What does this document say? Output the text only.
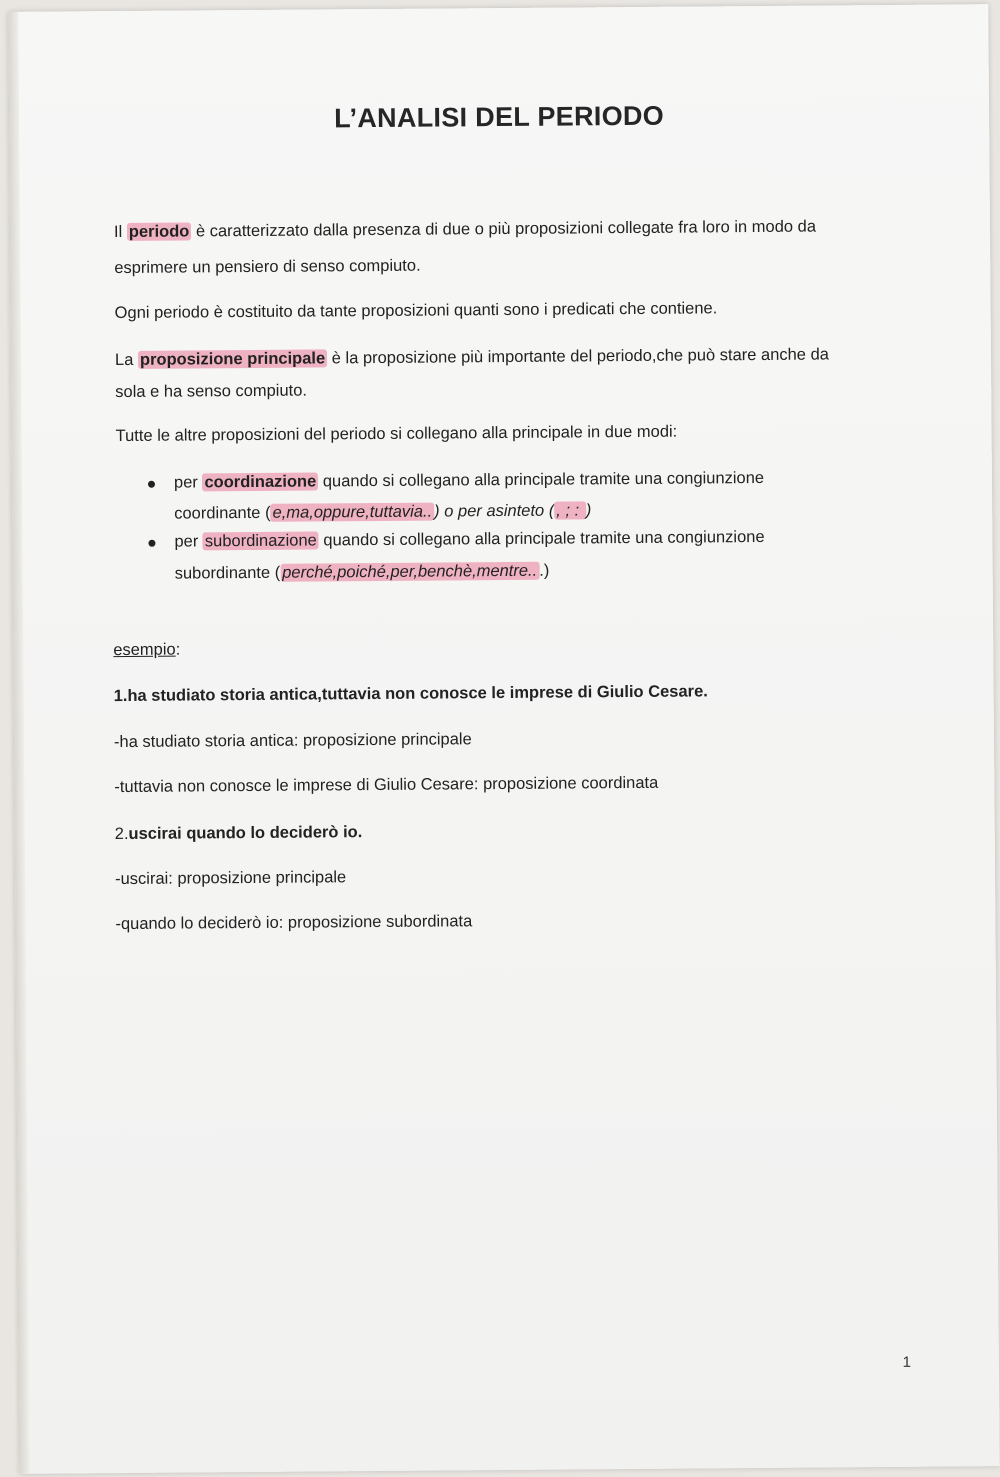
L’ANALISI DEL PERIODO
Il periodo è caratterizzato dalla presenza di due o più proposizioni collegate fra loro in modo da
esprimere un pensiero di senso compiuto.
Ogni periodo è costituito da tante proposizioni quanti sono i predicati che contiene.
La proposizione principale è la proposizione più importante del periodo,che può stare anche da
sola e ha senso compiuto.
Tutte le altre proposizioni del periodo si collegano alla principale in due modi:
per coordinazione quando si collegano alla principale tramite una congiunzione
coordinante ( e,ma,oppure,tuttavia.. ) o per asinteto ( , ; : )
per subordinazione quando si collegano alla principale tramite una congiunzione
subordinante ( perché,poiché,per,benchè,mentre.. .)
esempio:
1.ha studiato storia antica,tuttavia non conosce le imprese di Giulio Cesare.
-ha studiato storia antica: proposizione principale
-tuttavia non conosce le imprese di Giulio Cesare: proposizione coordinata
2.uscirai quando lo deciderò io.
-uscirai: proposizione principale
-quando lo deciderò io: proposizione subordinata
1
